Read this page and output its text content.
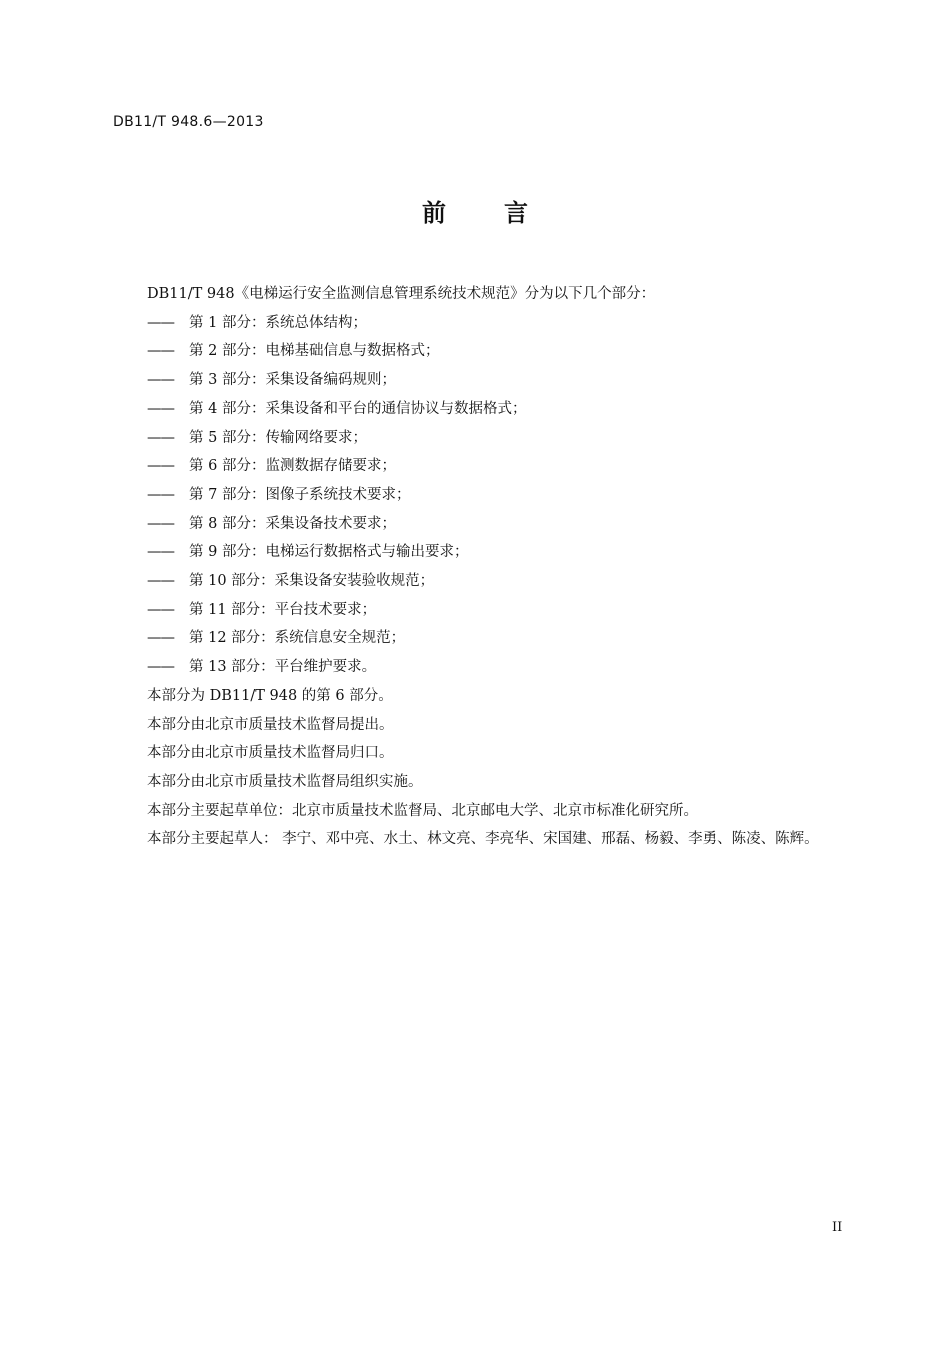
DB11/T 948.6—2013
前 言

DB11/T 948《电梯运行安全监测信息管理系统技术规范》分为以下几个部分：

—— 第 1 部分：系统总体结构；

—— 第 2 部分：电梯基础信息与数据格式；

—— 第 3 部分：采集设备编码规则；

—— 第 4 部分：采集设备和平台的通信协议与数据格式；

—— 第 5 部分：传输网络要求；

—— 第 6 部分：监测数据存储要求；

—— 第 7 部分：图像子系统技术要求；

—— 第 8 部分：采集设备技术要求；

—— 第 9 部分：电梯运行数据格式与输出要求；

—— 第 10 部分：采集设备安装验收规范；

—— 第 11 部分：平台技术要求；

—— 第 12 部分：系统信息安全规范；

—— 第 13 部分：平台维护要求。

本部分为 DB11/T 948 的第 6 部分。

本部分由北京市质量技术监督局提出。

本部分由北京市质量技术监督局归口。

本部分由北京市质量技术监督局组织实施。

本部分主要起草单位：北京市质量技术监督局、北京邮电大学、北京市标准化研究所。

本部分主要起草人： 李宁、邓中亮、水土、林文亮、李亮华、宋国建、邢磊、杨毅、李勇、陈凌、陈辉。

II
